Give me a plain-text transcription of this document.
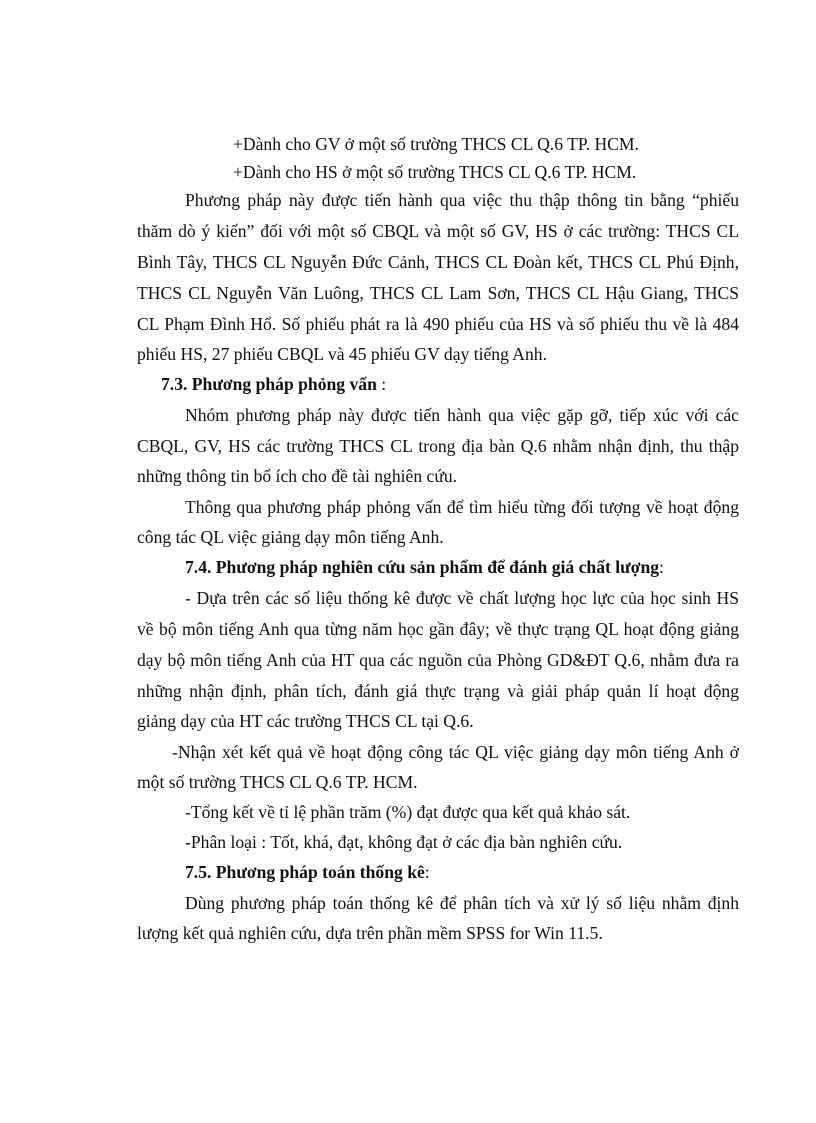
+Dành cho GV ở một số trường THCS CL Q.6 TP. HCM.
+Dành cho HS ở một số trường THCS CL Q.6 TP. HCM.
Phương pháp này được tiến hành qua việc thu thập thông tin bằng “phiếu
thăm dò ý kiến” đối với một số CBQL và một số GV, HS ở các trường: THCS CL
Bình Tây, THCS CL Nguyễn Đức Cảnh, THCS CL Đoàn kết, THCS CL Phú Định,
THCS CL Nguyễn Văn Luông, THCS CL Lam Sơn, THCS CL Hậu Giang, THCS
CL Phạm Đình Hổ. Số phiếu phát ra là 490 phiếu của HS và số phiếu thu về là 484
phiếu HS, 27 phiếu CBQL và 45 phiếu GV dạy tiếng Anh.
7.3. Phương pháp phỏng vấn :
Nhóm phương pháp này được tiến hành qua việc gặp gỡ, tiếp xúc với các
CBQL, GV, HS các trường THCS CL trong địa bàn Q.6 nhằm nhận định, thu thập
những thông tin bổ ích cho đề tài nghiên cứu.
Thông qua phương pháp phỏng vấn để tìm hiểu từng đối tượng về hoạt động
công tác QL việc giảng dạy môn tiếng Anh.
7.4. Phương pháp nghiên cứu sản phẩm để đánh giá chất lượng:
- Dựa trên các số liệu thống kê được về chất lượng học lực của học sinh HS
về bộ môn tiếng Anh qua từng năm học gần đây; về thực trạng QL hoạt động giảng
dạy bộ môn tiếng Anh của HT qua các nguồn của Phòng GD&ĐT Q.6, nhằm đưa ra
những nhận định, phân tích, đánh giá thực trạng và giải pháp quản lí hoạt động
giảng dạy của HT các trường THCS CL tại Q.6.
-Nhận xét kết quả về hoạt động công tác QL việc giảng dạy môn tiếng Anh ở
một số trường THCS CL Q.6 TP. HCM.
-Tổng kết về tỉ lệ phần trăm (%) đạt được qua kết quả khảo sát.
-Phân loại : Tốt, khá, đạt, không đạt ở các địa bàn nghiên cứu.
7.5. Phương pháp toán thống kê:
Dùng phương pháp toán thống kê để phân tích và xử lý số liệu nhằm định
lượng kết quả nghiên cứu, dựa trên phần mềm SPSS for Win 11.5.
